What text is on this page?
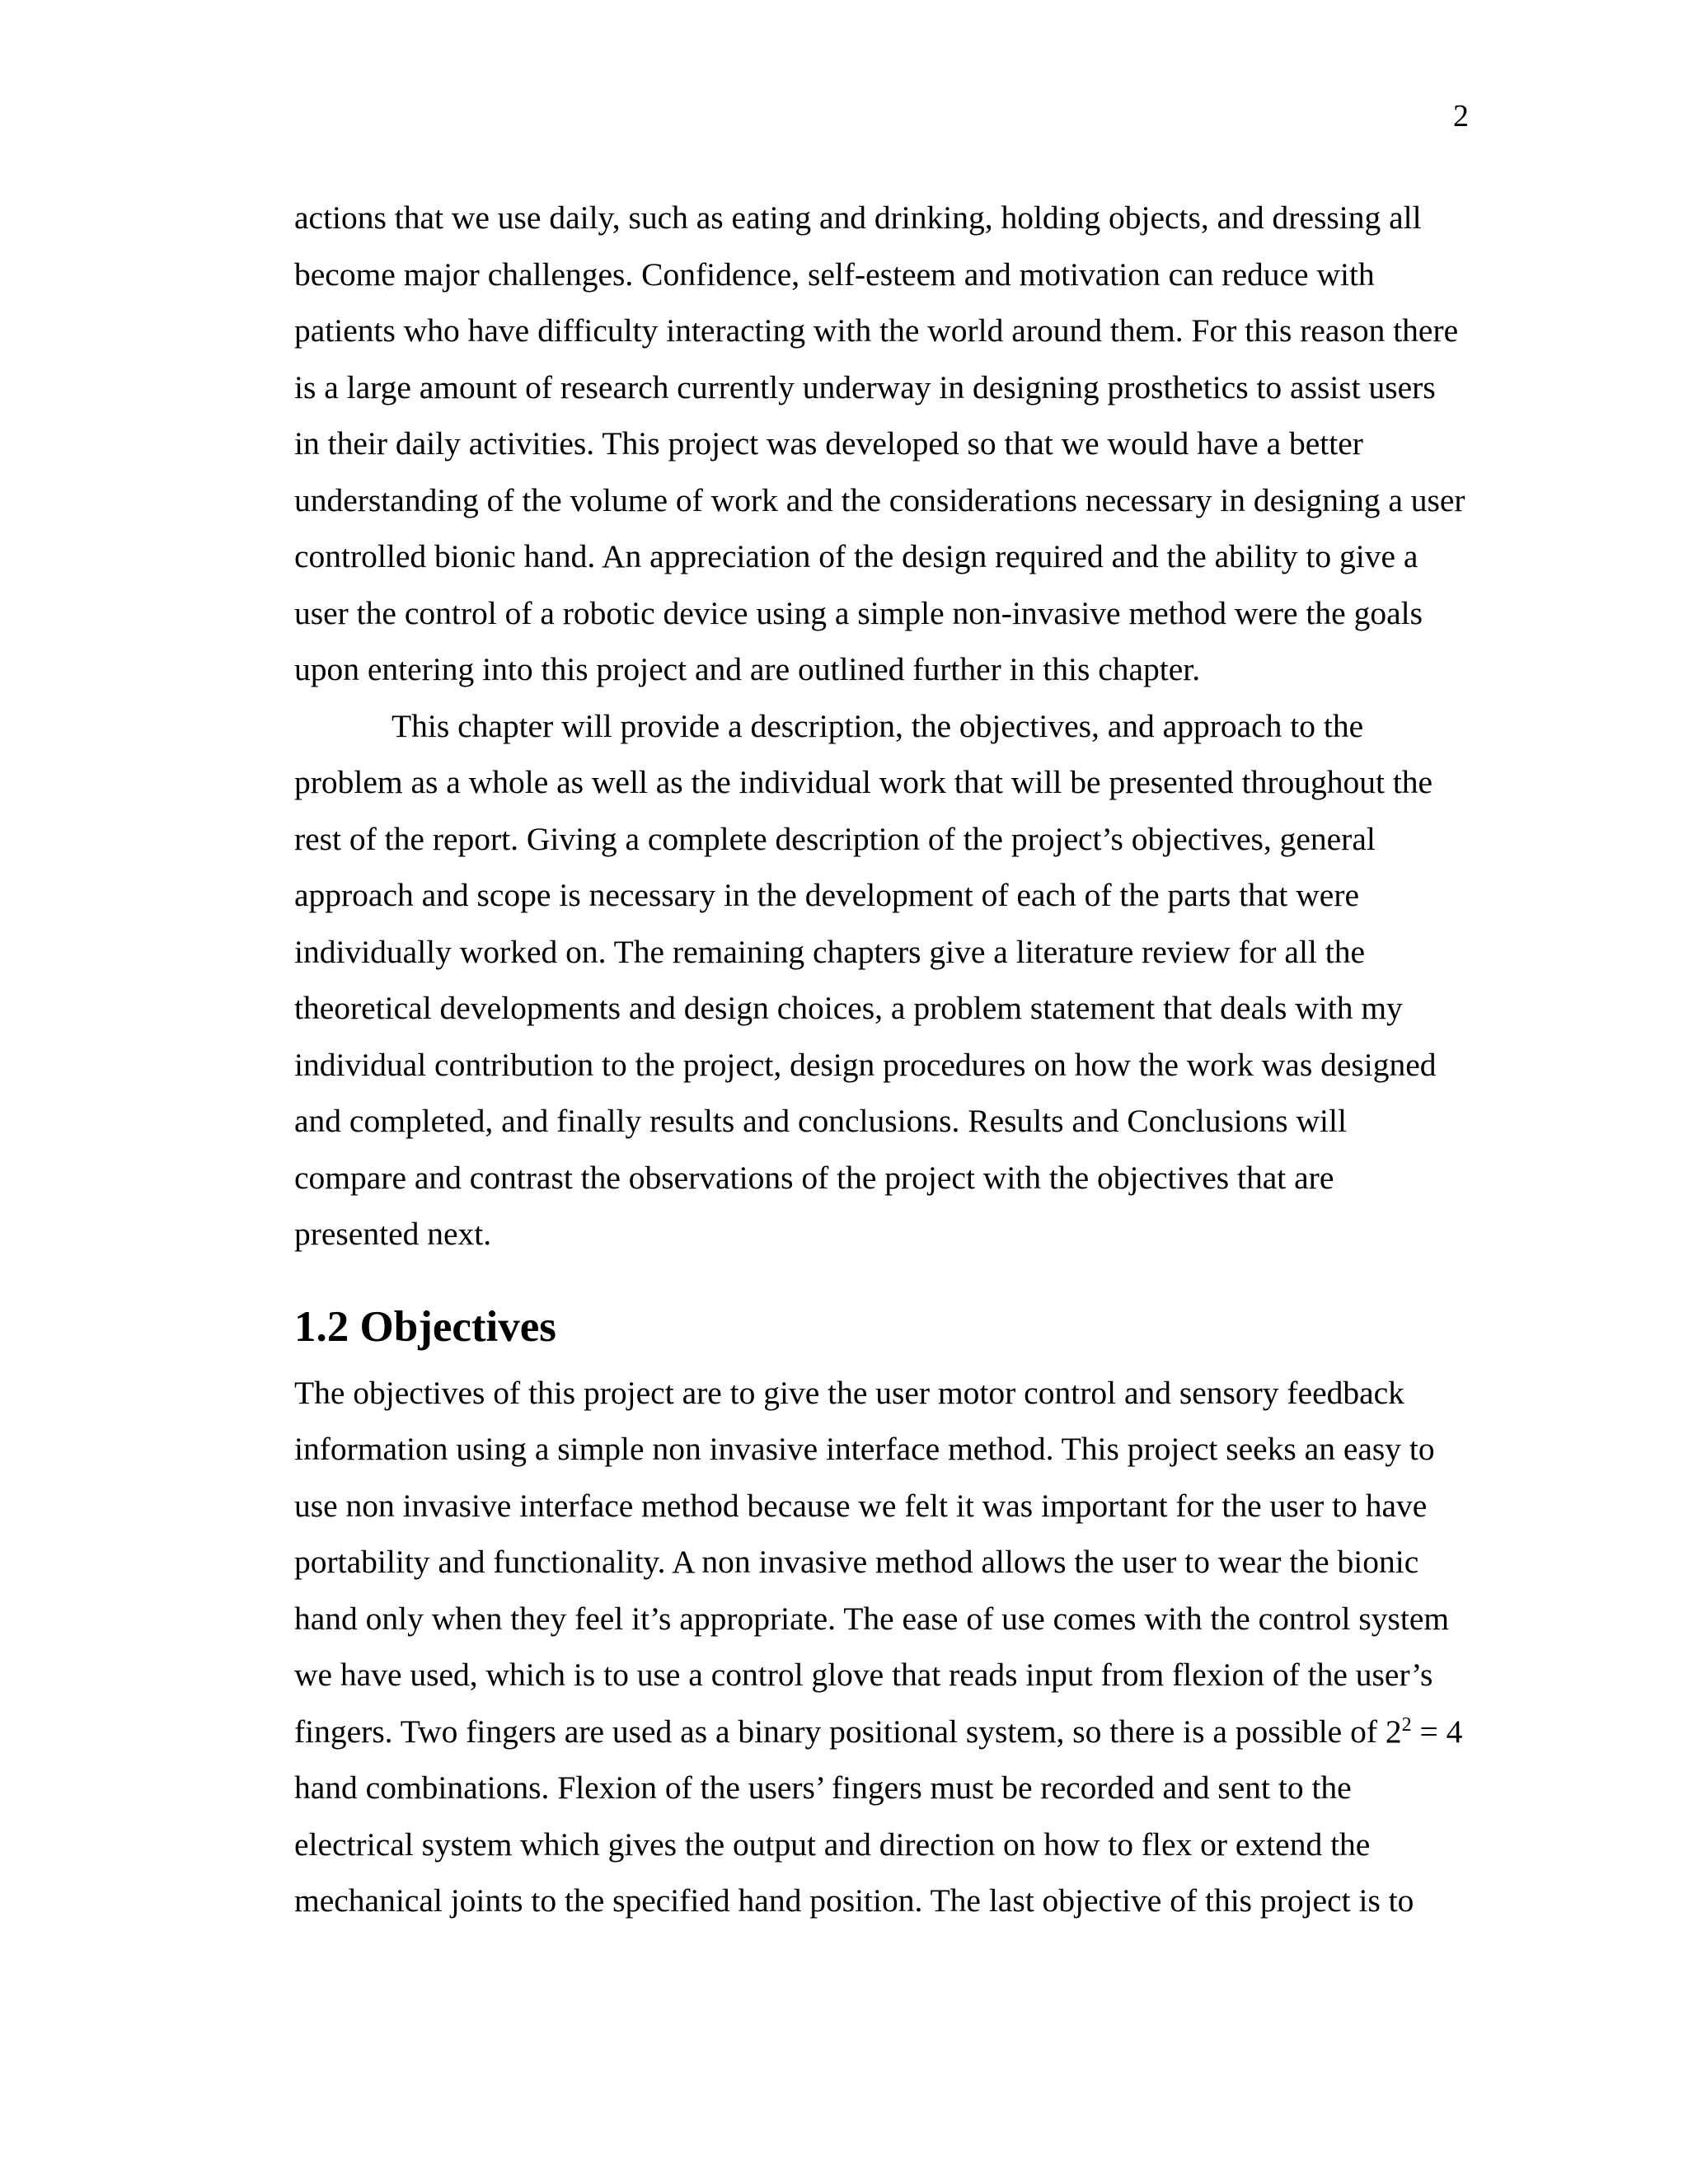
2
actions that we use daily, such as eating and drinking, holding objects, and dressing all
become major challenges. Confidence, self-esteem and motivation can reduce with
patients who have difficulty interacting with the world around them. For this reason there
is a large amount of research currently underway in designing prosthetics to assist users
in their daily activities. This project was developed so that we would have a better
understanding of the volume of work and the considerations necessary in designing a user
controlled bionic hand. An appreciation of the design required and the ability to give a
user the control of a robotic device using a simple non-invasive method were the goals
upon entering into this project and are outlined further in this chapter.
This chapter will provide a description, the objectives, and approach to the
problem as a whole as well as the individual work that will be presented throughout the
rest of the report. Giving a complete description of the project’s objectives, general
approach and scope is necessary in the development of each of the parts that were
individually worked on. The remaining chapters give a literature review for all the
theoretical developments and design choices, a problem statement that deals with my
individual contribution to the project, design procedures on how the work was designed
and completed, and finally results and conclusions. Results and Conclusions will
compare and contrast the observations of the project with the objectives that are
presented next.
1.2 Objectives
The objectives of this project are to give the user motor control and sensory feedback
information using a simple non invasive interface method. This project seeks an easy to
use non invasive interface method because we felt it was important for the user to have
portability and functionality. A non invasive method allows the user to wear the bionic
hand only when they feel it’s appropriate. The ease of use comes with the control system
we have used, which is to use a control glove that reads input from flexion of the user’s
fingers. Two fingers are used as a binary positional system, so there is a possible of $2^2 = 4$
hand combinations. Flexion of the users’ fingers must be recorded and sent to the
electrical system which gives the output and direction on how to flex or extend the
mechanical joints to the specified hand position. The last objective of this project is to
